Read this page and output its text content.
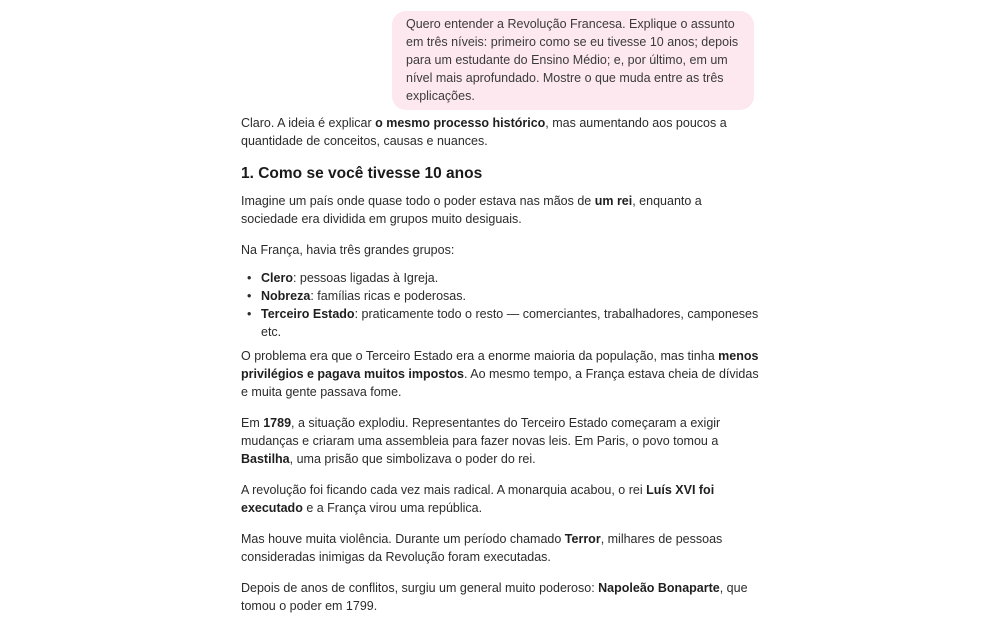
Quero entender a Revolução Francesa. Explique o assunto em três níveis: primeiro como se eu tivesse 10 anos; depois para um estudante do Ensino Médio; e, por último, em um nível mais aprofundado. Mostre o que muda entre as três explicações.

Claro. A ideia é explicar o mesmo processo histórico, mas aumentando aos poucos a quantidade de conceitos, causas e nuances.

1. Como se você tivesse 10 anos

Imagine um país onde quase todo o poder estava nas mãos de um rei, enquanto a sociedade era dividida em grupos muito desiguais.

Na França, havia três grandes grupos:

• Clero: pessoas ligadas à Igreja.
• Nobreza: famílias ricas e poderosas.
• Terceiro Estado: praticamente todo o resto — comerciantes, trabalhadores, camponeses etc.

O problema era que o Terceiro Estado era a enorme maioria da população, mas tinha menos privilégios e pagava muitos impostos. Ao mesmo tempo, a França estava cheia de dívidas e muita gente passava fome.

Em 1789, a situação explodiu. Representantes do Terceiro Estado começaram a exigir mudanças e criaram uma assembleia para fazer novas leis. Em Paris, o povo tomou a Bastilha, uma prisão que simbolizava o poder do rei.

A revolução foi ficando cada vez mais radical. A monarquia acabou, o rei Luís XVI foi executado e a França virou uma república.

Mas houve muita violência. Durante um período chamado Terror, milhares de pessoas consideradas inimigas da Revolução foram executadas.

Depois de anos de conflitos, surgiu um general muito poderoso: Napoleão Bonaparte, que tomou o poder em 1799.
